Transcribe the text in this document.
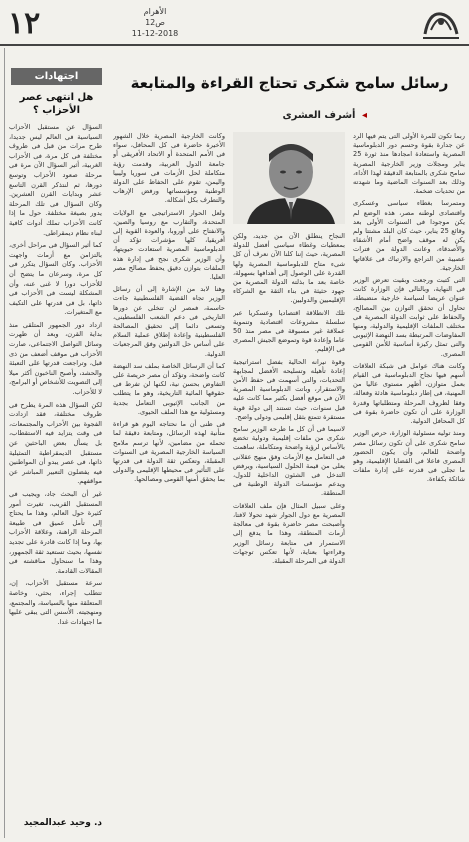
١٢	الأهرام
ص12
11-12-2018
اجتهادات
هل انتهى عصر الأحزاب ؟

السؤال عن مستقبل الأحزاب السياسية فى العالم ليس جديدا، طرح مرات من قبل فى ظروف مختلفة فى كل مرة، فى الأحزاب الغربية، أثير السؤال الآن مرة فى مرحلة صعود الأحزاب وتوسع دورها، ثم لنتذكر القرن التاسع عشر وبدايات القرن العشرين. وكان السؤال فى تلك المرحلة يدور بصيغة مختلفة. حول ما إذا كانت الأحزاب تملك أدوات كافية لبناء نظام ديمقراطى.

كما أثير السؤال فى مراحل أخرى، بالتزامن مع أزمات واجهت الأحزاب. وكان السؤال يتكرر فى كل مرة، وسرعان ما يتضح أن للأحزاب دورا لا غنى عنه، وأن المشكلة ليست فى الأحزاب فى ذاتها، بل فى قدرتها على التكيف مع المتغيرات.

ازداد دور الجمهور المتلقى منذ بداية القرن، وبعد أن ظهرت وسائل التواصل الاجتماعى، صارت الأحزاب فى موقف أضعف من ذى قبل، وتراجعت قدرتها على التعبئة والحشد، وأصبح الناخبون أكثر ميلا إلى التصويت للأشخاص أو البرامج، لا للأحزاب.

لكن السؤال هذه المرة يطرح فى ظروف مختلفة، فقد ازدادت الفجوة بين الأحزاب والمجتمعات، فى وقت يتزايد فيه الاستقطاب، بل يسأل بعض الباحثين عن مستقبل الديمقراطية التمثيلية ذاتها، فى عصر يبدو أن المواطنين فيه يفضلون التعبير المباشر عن مواقفهم.

غير أن البحث جاد، ويجيب فى المستقبل القريب، تغيرت أمور كثيرة حول العالم، وهذا ما يحتاج إلى تأمل عميق فى طبيعة المرحلة الراهنة، وعلاقة الأحزاب بها، وما إذا كانت قادرة على تجديد نفسها، بحيث تستعيد ثقة الجمهور، وهذا ما سنحاول مناقشته فى المقالات القادمة.

سرعة مستقبل الأحزاب، إن، تتطلب إجراء، بحثي، وخاصة المتعلقة منها بالسياسة، والمجتمع، ومنهجيته. الأسس التى يبقى عليها ما اجتهادات غدا.

د. وحيد عبدالمجيد
رسائل سامح شكرى تحتاج القراءة والمتابعة
◂ أشرف العشرى

ربما تكون للمرة الأولى التى يتم فيها الرد عن جدارة بقوة وحسم دور الدبلوماسية المصرية واستعادة امجادها منذ ثورة 25 يناير ومجلات وزير الخارجية المصرية سامح شكرى بالمتابعة الدقيقة لهذا الأداء، وذلك بعد السنوات الماضية وما شهدته من تحديات ضخمة.

ومتمرسا بغطاء سياسى وعسكرى واقتصادى لوطنه مصر، هذه الوضع لم يكن موجودا فى السنوات الأولى بعد وقائع 25 يناير، حيث كان البلد مشتتا ولم يكن له موقف واضح أمام الأشقاء والأصدقاء، وعانت الدولة من فترات عصيبة من التراجع والارتباك فى علاقاتها الخارجية.

التى كتبت ورجعت وبقيت تعرض الوزير فى النهاية، وبالتالى فإن الوزارة كانت عنوان عريضا لسياسة خارجية منضبطة، تحاول أن تحقق التوازن بين المصالح، والحفاظ على ثوابت الدولة المصرية فى مختلف الملفات الإقليمية والدولية، ومنها المفاوضات المرتبطة بسد النهضة الإثيوبى والتى تمثل ركيزة أساسية للأمن القومى المصرى.

وكانت هناك عوامل فى شبكة العلاقات أسهم فيها نجاح الدبلوماسية فى القيام بعمل متوازن، أظهر مستوى عاليا من المهنية، فى إطار دبلوماسية هادئة وفعالة، وفقا لظروف المرحلة ومتطلباتها وقدرة الوزارة على أن تكون حاضرة بقوة فى كل المحافل الدولية.

ومنذ توليه مسئولية الوزارة، حرص الوزير سامح شكرى على أن تكون رسائل مصر واضحة للعالم، وأن يكون الحضور المصرى فاعلا فى القضايا الإقليمية، وهو ما تجلى فى قدرته على إدارة ملفات شائكة بكفاءة.

النجاح ينطلق الآن من جديد، ولكن بمعطيات وغطاء سياسى أفضل للدولة المصرية، حيث إننا كلنا الآن نعرف أن كل شىء متاح للدبلوماسية المصرية ولها القدرة على الوصول إلى أهدافها بسهولة، خاصة بعد ما بذلته الدولة المصرية من جهود حثيثة فى بناء الثقة مع الشركاء الإقليميين والدوليين.

تلك الانطلاقة اقتصاديا وعسكريا عبر سلسلة مشروعات اقتصادية وتنموية عملاقة غير مسبوقة فى مصر منذ 50 عاما وإعادة قوة وتموضع الجيش المصرى فى الإقليم.

وقوة نيرانه الحالية بفضل استراتيجية إعادة تأهيله وتسليحه الأفضل لمجابهة التحديات، والتى أسهمت فى حفظ الأمن والاستقرار، وباتت الدبلوماسية المصرية الآن فى موقع أفضل بكثير مما كانت عليه قبل سنوات، حيث تستند إلى دولة قوية مستقرة تتمتع بثقل إقليمى ودولى واضح.

لاسيما فى أن كل ما طرحه الوزير سامح شكرى من ملفات إقليمية ودولية تخضع بالأساس لرؤية واضحة ومتكاملة، ساهمت فى التعامل مع الأزمات وفق منهج عقلانى يعلى من قيمة الحلول السياسية، ويرفض التدخل فى الشئون الداخلية للدول، ويدعم مؤسسات الدولة الوطنية فى المنطقة.

وعلى سبيل المثال فإن ملف العلاقات المصرية مع دول الجوار شهد تحولا لافتا، وأصبحت مصر حاضرة بقوة فى معالجة أزمات المنطقة، وهذا ما يدفع إلى الاستمرار فى متابعة رسائل الوزير وقراءتها بعناية، لأنها تعكس توجهات الدولة فى المرحلة المقبلة.

وكانت الخارجية المصرية خلال الشهور الأخيرة حاضرة فى كل المحافل، سواء فى الأمم المتحدة أو الاتحاد الأفريقى أو جامعة الدول العربية، وقدمت رؤية متكاملة لحل الأزمات فى سوريا وليبيا واليمن، تقوم على الحفاظ على الدولة الوطنية ومؤسساتها ورفض الإرهاب والتطرف بكل أشكاله.

ولعل الحوار الاستراتيجى مع الولايات المتحدة، والتقارب مع روسيا والصين، والانفتاح على أوروبا، والعودة القوية إلى أفريقيا، كلها مؤشرات تؤكد أن الدبلوماسية المصرية استعادت حيويتها، وأن الوزير شكرى نجح فى إدارة هذه الملفات بتوازن دقيق يحفظ مصالح مصر العليا.

وهنا لابد من الإشارة إلى أن رسائل الوزير تجاه القضية الفلسطينية جاءت حاسمة، فمصر لن تتخلى عن دورها التاريخى فى دعم الشعب الفلسطينى، وتسعى دائما إلى تحقيق المصالحة الفلسطينية وإعادة إطلاق عملية السلام على أساس حل الدولتين وفق المرجعيات الدولية.

كما أن الرسائل الخاصة بملف سد النهضة كانت واضحة، وتؤكد أن مصر حريصة على التفاوض بحسن نية، لكنها لن تفرط فى حقوقها المائية التاريخية، وهو ما يتطلب من الجانب الإثيوبى التعامل بجدية ومسئولية مع هذا الملف الحيوى.

فى ظنى أن ما نحتاجه اليوم هو قراءة متأنية لهذه الرسائل، ومتابعة دقيقة لما تحمله من مضامين، لأنها ترسم ملامح السياسة الخارجية المصرية فى السنوات المقبلة، وتعكس ثقة الدولة فى قدرتها على التأثير فى محيطها الإقليمى والدولى بما يحقق أمنها القومى ومصالحها.
